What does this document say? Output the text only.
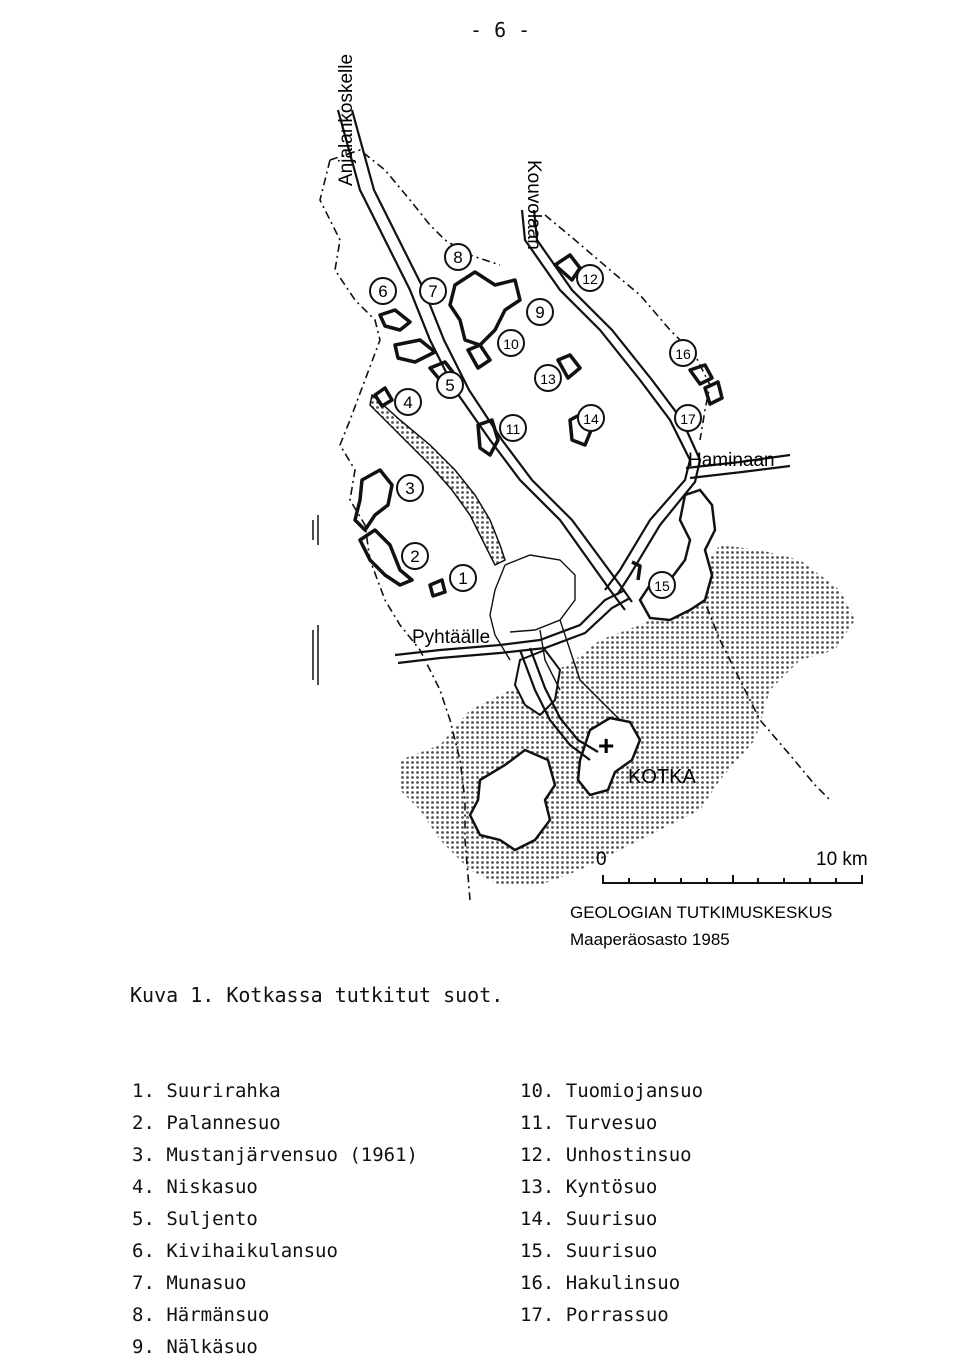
- 6 -
Anjalankoskelle
Kouvolaan
Haminaan
Pyhtäälle
+
KOTKA
1
2
3
4
5
6 7
8
9
10
11
12
13
14
15
16
17
0	10 km
GEOLOGIAN TUTKIMUSKESKUS
Maaperäosasto 1985
Kuva 1. Kotkassa tutkitut suot.
1. Suurirahka
2. Palannesuo
3. Mustanjärvensuo (1961)
4. Niskasuo
5. Suljento
6. Kivihaikulansuo
7. Munasuo
8. Härmänsuo
9. Nälkäsuo
10. Tuomiojansuo
11. Turvesuo
12. Unhostinsuo
13. Kyntösuo
14. Suurisuo
15. Suurisuo
16. Hakulinsuo
17. Porrassuo
